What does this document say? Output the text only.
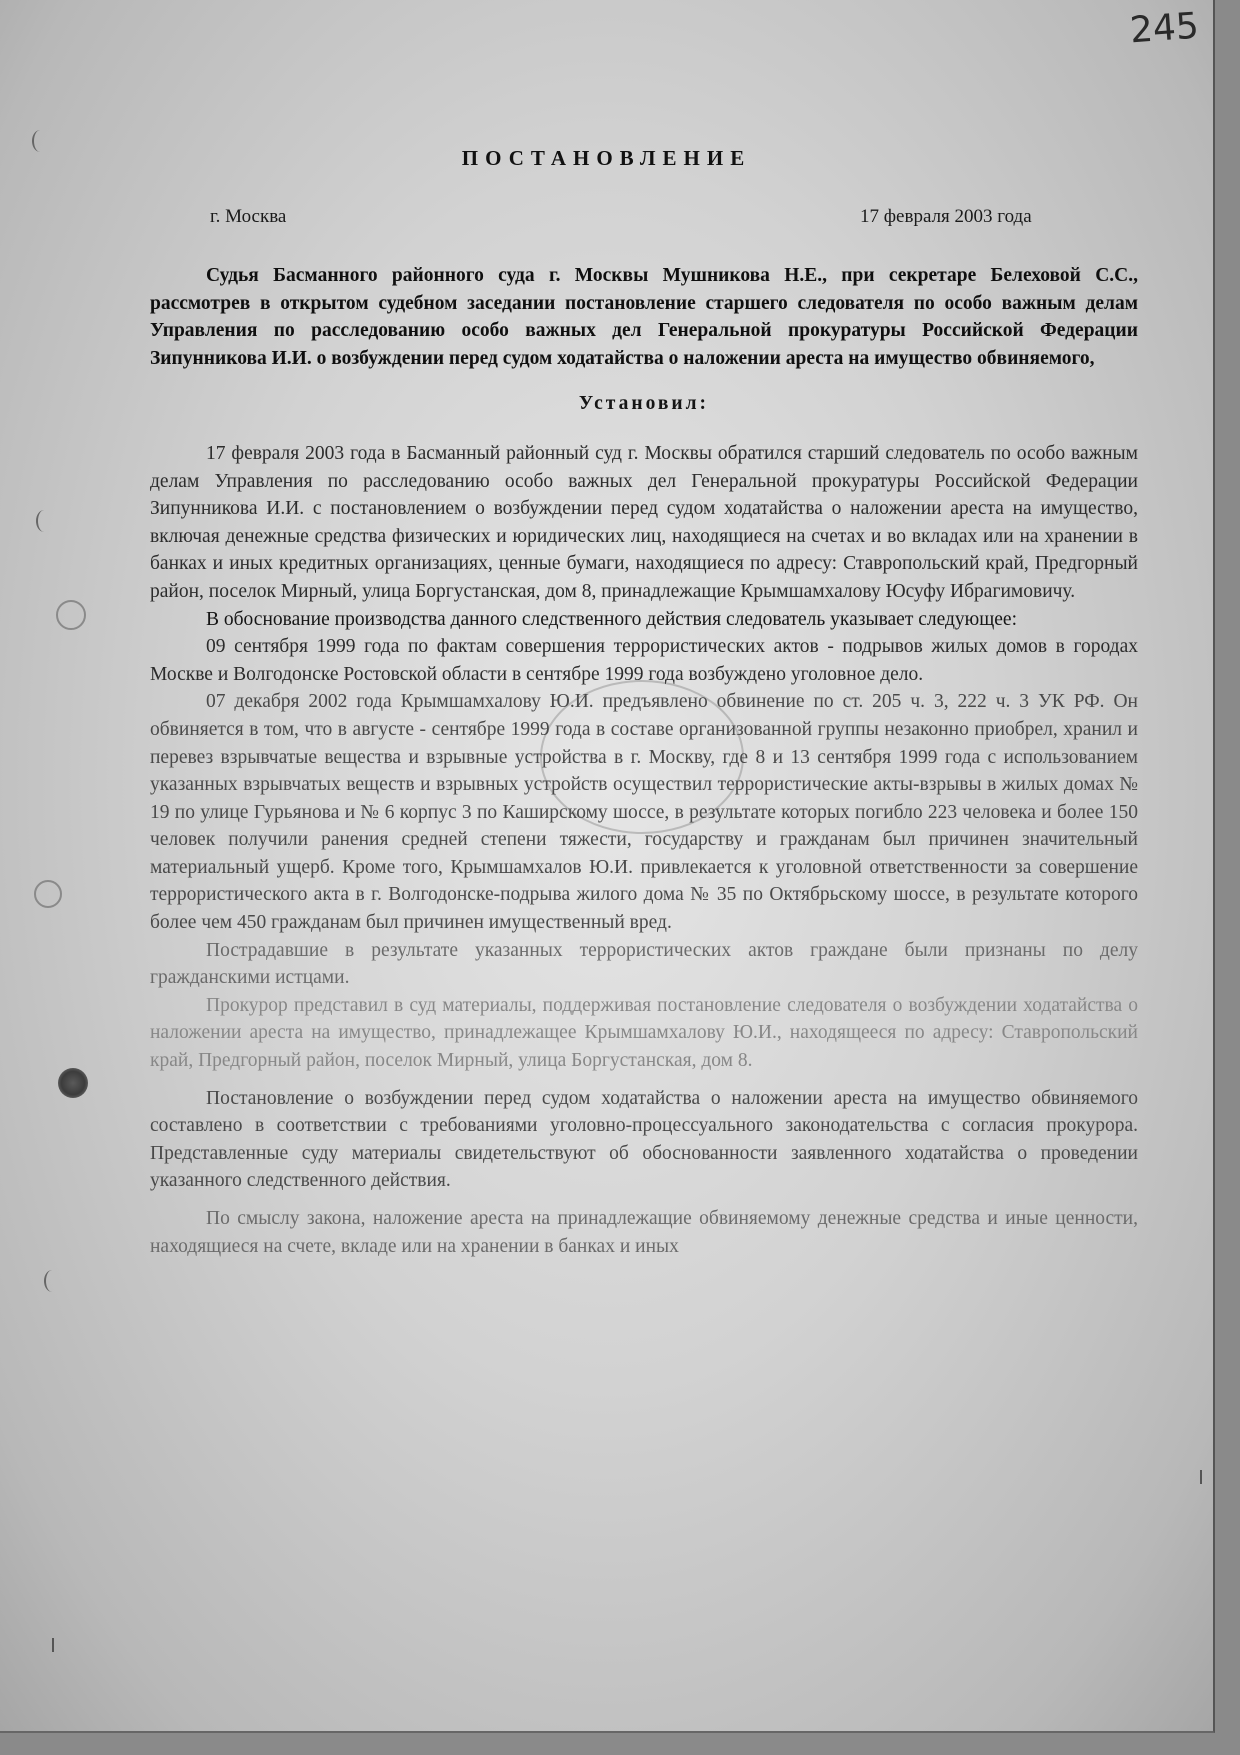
245
ПОСТАНОВЛЕНИЕ
г. Москва	17 февраля 2003 года

Судья Басманного районного суда г. Москвы Мушникова Н.Е., при секретаре Белеховой С.С., рассмотрев в открытом судебном заседании постановление старшего следователя по особо важным делам Управления по расследованию особо важных дел Генеральной прокуратуры Российской Федерации Зипунникова И.И. о возбуждении перед судом ходатайства о наложении ареста на имущество обвиняемого,

Установил:

17 февраля 2003 года в Басманный районный суд г. Москвы обратился старший следователь по особо важным делам Управления по расследованию особо важных дел Генеральной прокуратуры Российской Федерации Зипунникова И.И. с постановлением о возбуждении перед судом ходатайства о наложении ареста на имущество, включая денежные средства физических и юридических лиц, находящиеся на счетах и во вкладах или на хранении в банках и иных кредитных организациях, ценные бумаги, находящиеся по адресу: Ставропольский край, Предгорный район, поселок Мирный, улица Боргустанская, дом 8, принадлежащие Крымшамхалову Юсуфу Ибрагимовичу.

В обоснование производства данного следственного действия следователь указывает следующее:

09 сентября 1999 года по фактам совершения террористических актов - подрывов жилых домов в городах Москве и Волгодонске Ростовской области в сентябре 1999 года возбуждено уголовное дело.

07 декабря 2002 года Крымшамхалову Ю.И. предъявлено обвинение по ст. 205 ч. 3, 222 ч. 3 УК РФ. Он обвиняется в том, что в августе - сентябре 1999 года в составе организованной группы незаконно приобрел, хранил и перевез взрывчатые вещества и взрывные устройства в г. Москву, где 8 и 13 сентября 1999 года с использованием указанных взрывчатых веществ и взрывных устройств осуществил террористические акты-взрывы в жилых домах № 19 по улице Гурьянова и № 6 корпус 3 по Каширскому шоссе, в результате которых погибло 223 человека и более 150 человек получили ранения средней степени тяжести, государству и гражданам был причинен значительный материальный ущерб. Кроме того, Крымшамхалов Ю.И. привлекается к уголовной ответственности за совершение террористического акта в г. Волгодонске-подрыва жилого дома № 35 по Октябрьскому шоссе, в результате которого более чем 450 гражданам был причинен имущественный вред.

Пострадавшие в результате указанных террористических актов граждане были признаны по делу гражданскими истцами.

Прокурор представил в суд материалы, поддерживая постановление следователя о возбуждении ходатайства о наложении ареста на имущество, принадлежащее Крымшамхалову Ю.И., находящееся по адресу: Ставропольский край, Предгорный район, поселок Мирный, улица Боргустанская, дом 8.

Постановление о возбуждении перед судом ходатайства о наложении ареста на имущество обвиняемого составлено в соответствии с требованиями уголовно-процессуального законодательства с согласия прокурора. Представленные суду материалы свидетельствуют об обоснованности заявленного ходатайства о проведении указанного следственного действия.

По смыслу закона, наложение ареста на принадлежащие обвиняемому денежные средства и иные ценности, находящиеся на счете, вкладе или на хранении в банках и иных
